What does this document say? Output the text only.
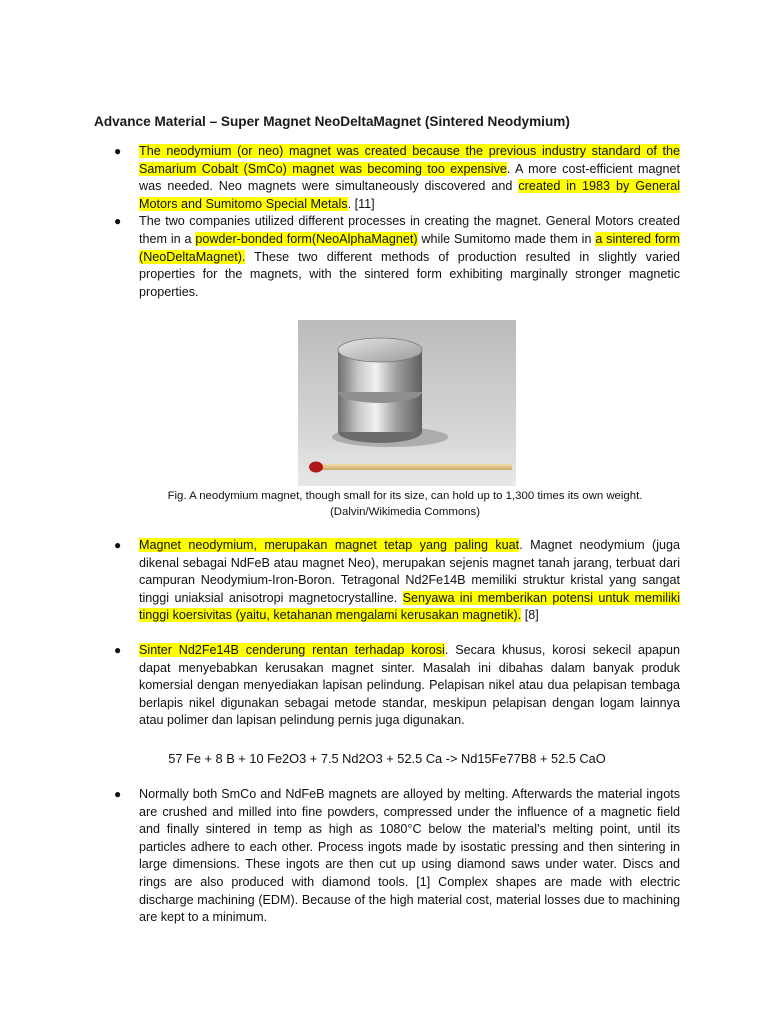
Advance Material – Super Magnet NeoDeltaMagnet (Sintered Neodymium)
● The neodymium (or neo) magnet was created because the previous industry standard of the Samarium Cobalt (SmCo) magnet was becoming too expensive. A more cost-efficient magnet was needed. Neo magnets were simultaneously discovered and created in 1983 by General Motors and Sumitomo Special Metals. [11]
● The two companies utilized different processes in creating the magnet. General Motors created them in a powder-bonded form(NeoAlphaMagnet) while Sumitomo made them in a sintered form (NeoDeltaMagnet). These two different methods of production resulted in slightly varied properties for the magnets, with the sintered form exhibiting marginally stronger magnetic properties.
Fig. A neodymium magnet, though small for its size, can hold up to 1,300 times its own weight.
(Dalvin/Wikimedia Commons)
● Magnet neodymium, merupakan magnet tetap yang paling kuat. Magnet neodymium (juga dikenal sebagai NdFeB atau magnet Neo), merupakan sejenis magnet tanah jarang, terbuat dari campuran Neodymium-Iron-Boron. Tetragonal Nd2Fe14B memiliki struktur kristal yang sangat tinggi uniaksial anisotropi magnetocrystalline. Senyawa ini memberikan potensi untuk memiliki tinggi koersivitas (yaitu, ketahanan mengalami kerusakan magnetik). [8]
● Sinter Nd2Fe14B cenderung rentan terhadap korosi. Secara khusus, korosi sekecil apapun dapat menyebabkan kerusakan magnet sinter. Masalah ini dibahas dalam banyak produk komersial dengan menyediakan lapisan pelindung. Pelapisan nikel atau dua pelapisan tembaga berlapis nikel digunakan sebagai metode standar, meskipun pelapisan dengan logam lainnya atau polimer dan lapisan pelindung pernis juga digunakan.
57 Fe + 8 B + 10 Fe2O3 + 7.5 Nd2O3 + 52.5 Ca -> Nd15Fe77B8 + 52.5 CaO
● Normally both SmCo and NdFeB magnets are alloyed by melting. Afterwards the material ingots are crushed and milled into fine powders, compressed under the influence of a magnetic field and finally sintered in temp as high as 1080°C below the material's melting point, until its particles adhere to each other. Process ingots made by isostatic pressing and then sintering in large dimensions. These ingots are then cut up using diamond saws under water. Discs and rings are also produced with diamond tools. [1] Complex shapes are made with electric discharge machining (EDM). Because of the high material cost, material losses due to machining are kept to a minimum.
